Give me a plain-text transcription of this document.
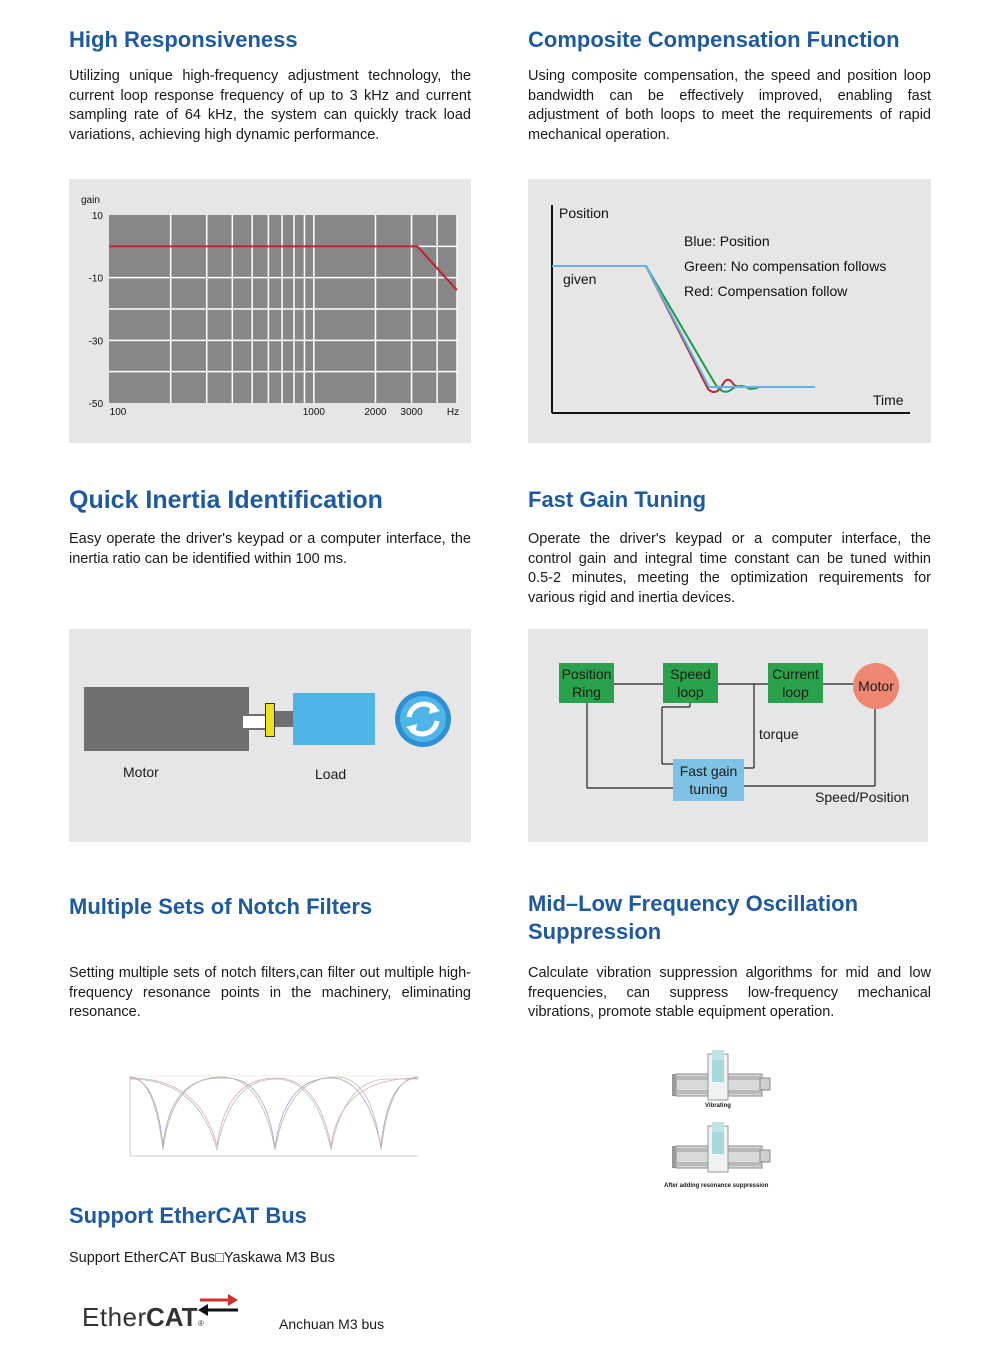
High Responsiveness

Utilizing unique high-frequency adjustment technology, the current loop response frequency of up to 3 kHz and current sampling rate of 64 kHz, the system can quickly track load variations, achieving high dynamic performance.

gain
10
-10
-30
-50
100	1000	2000 3000 Hz
Composite Compensation Function

Using composite compensation, the speed and position loop bandwidth can be effectively improved, enabling fast adjustment of both loops to meet the requirements of rapid mechanical operation.

Position
Time
given
Blue: Position
Green: No compensation follows
Red: Compensation follow
Quick Inertia Identification

Easy operate the driver's keypad or a computer interface, the inertia ratio can be identified within 100 ms.

Motor	Load
Fast Gain Tuning

Operate the driver's keypad or a computer interface, the control gain and integral time constant can be tuned within 0.5-2 minutes, meeting the optimization requirements for various rigid and inertia devices.

Position
Ring
Speed
loop
Current
loop	Motor
Fast gain
tuning
torque
Speed/Position
Multiple Sets of Notch Filters

Setting multiple sets of notch filters,can filter out multiple high-frequency resonance points in the machinery, eliminating resonance.

Mid–Low Frequency Oscillation Suppression

Calculate vibration suppression algorithms for mid and low frequencies, can suppress low-frequency mechanical vibrations, promote stable equipment operation.

Vibrating
After adding resonance suppression
Support EtherCAT Bus

Support EtherCAT Bus□Yaskawa M3 Bus

Ether CAT ®	Anchuan M3 bus
